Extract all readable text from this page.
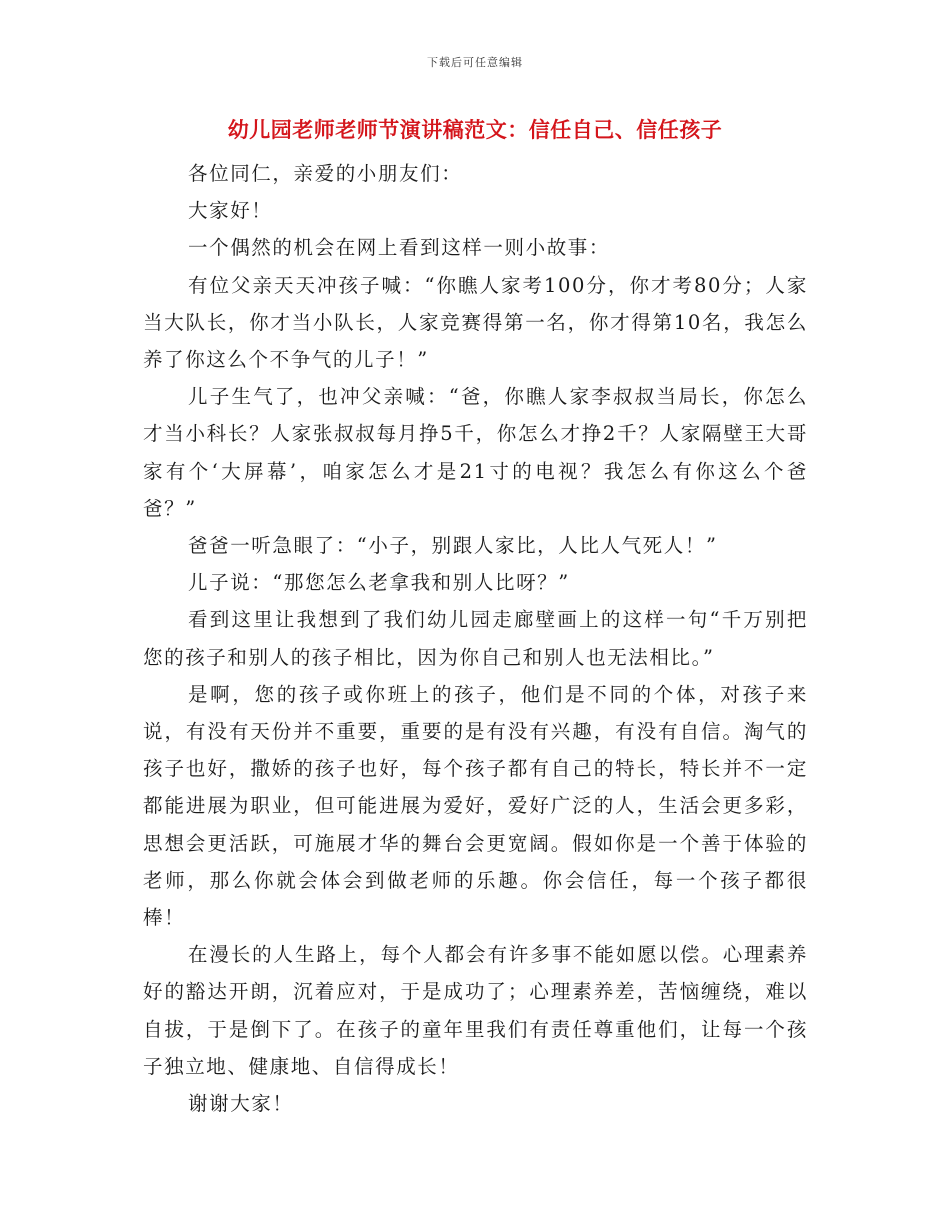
下载后可任意编辑
幼儿园老师老师节演讲稿范文：信任自己、信任孩子

各位同仁，亲爱的小朋友们：

大家好！

一个偶然的机会在网上看到这样一则小故事：

有位父亲天天冲孩子喊：“你瞧人家考100分，你才考80分；人家当大队长，你才当小队长，人家竞赛得第一名，你才得第10名，我怎么养了你这么个不争气的儿子！”

儿子生气了，也冲父亲喊：“爸，你瞧人家李叔叔当局长，你怎么才当小科长？人家张叔叔每月挣5千，你怎么才挣2千？人家隔壁王大哥家有个‘大屏幕’，咱家怎么才是21寸的电视？我怎么有你这么个爸爸？”

爸爸一听急眼了：“小子，别跟人家比，人比人气死人！”

儿子说：“那您怎么老拿我和别人比呀？”

看到这里让我想到了我们幼儿园走廊壁画上的这样一句“千万别把您的孩子和别人的孩子相比，因为你自己和别人也无法相比。”

是啊，您的孩子或你班上的孩子，他们是不同的个体，对孩子来说，有没有天份并不重要，重要的是有没有兴趣，有没有自信。淘气的孩子也好，撒娇的孩子也好，每个孩子都有自己的特长，特长并不一定都能进展为职业，但可能进展为爱好，爱好广泛的人，生活会更多彩，思想会更活跃，可施展才华的舞台会更宽阔。假如你是一个善于体验的老师，那么你就会体会到做老师的乐趣。你会信任，每一个孩子都很棒！

在漫长的人生路上，每个人都会有许多事不能如愿以偿。心理素养好的豁达开朗，沉着应对，于是成功了；心理素养差，苦恼缠绕，难以自拔，于是倒下了。在孩子的童年里我们有责任尊重他们，让每一个孩子独立地、健康地、自信得成长！

谢谢大家！
